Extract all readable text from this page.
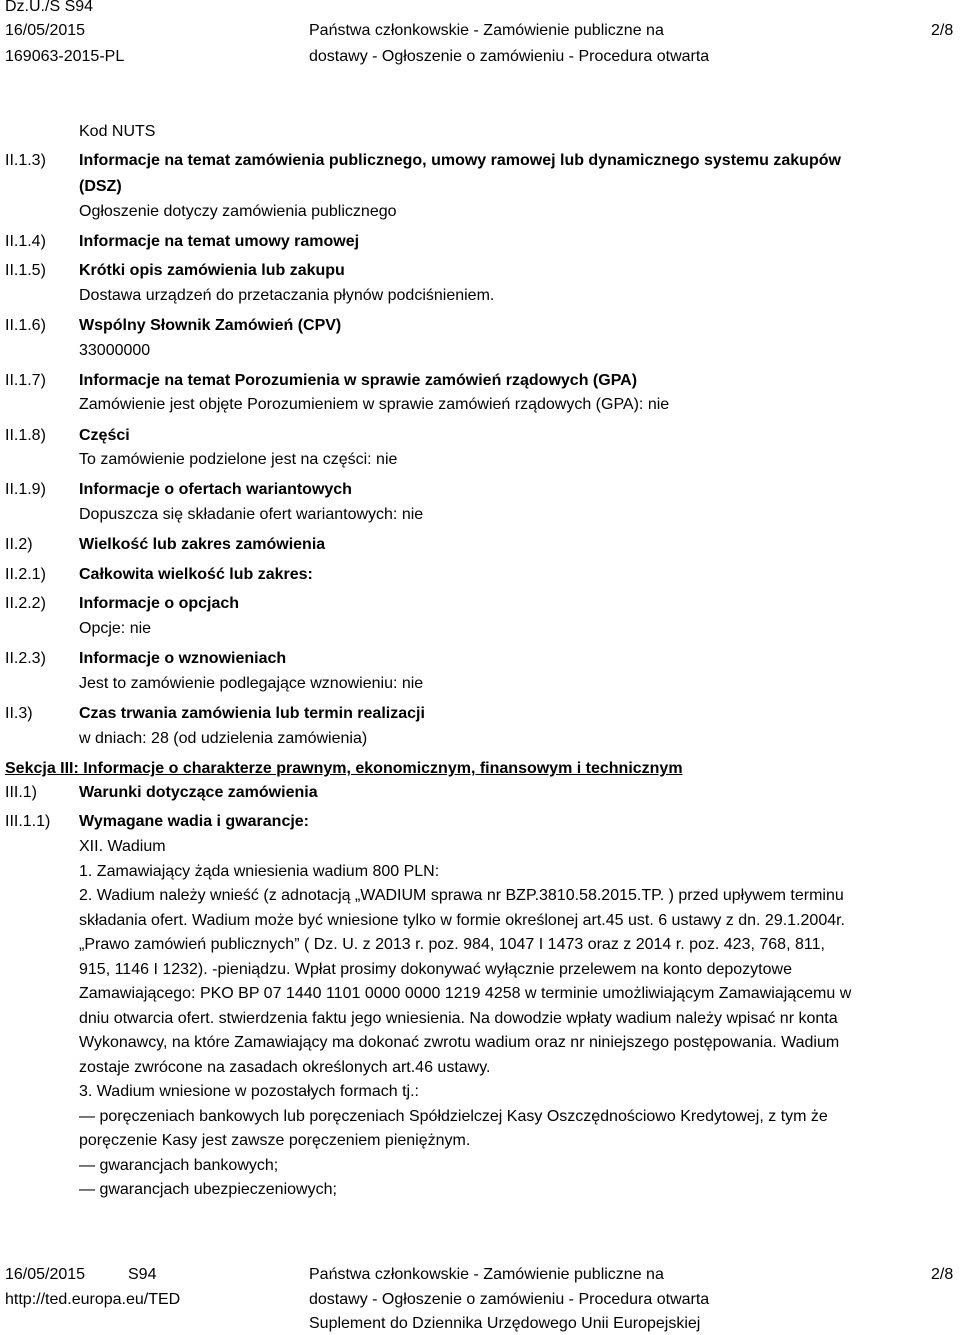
Dz.U./S S94
16/05/2015
169063-2015-PL
Państwa członkowskie - Zamówienie publiczne na
dostawy - Ogłoszenie o zamówieniu - Procedura otwarta
2/8
Kod NUTS
II.1.3) Informacje na temat zamówienia publicznego, umowy ramowej lub dynamicznego systemu zakupów
(DSZ)
Ogłoszenie dotyczy zamówienia publicznego
II.1.4) Informacje na temat umowy ramowej
II.1.5) Krótki opis zamówienia lub zakupu
Dostawa urządzeń do przetaczania płynów podciśnieniem.
II.1.6) Wspólny Słownik Zamówień (CPV)
33000000
II.1.7) Informacje na temat Porozumienia w sprawie zamówień rządowych (GPA)
Zamówienie jest objęte Porozumieniem w sprawie zamówień rządowych (GPA): nie
II.1.8) Części
To zamówienie podzielone jest na części: nie
II.1.9) Informacje o ofertach wariantowych
Dopuszcza się składanie ofert wariantowych: nie
II.2)	Wielkość lub zakres zamówienia
II.2.1) Całkowita wielkość lub zakres:
II.2.2) Informacje o opcjach
Opcje: nie
II.2.3) Informacje o wznowieniach
Jest to zamówienie podlegające wznowieniu: nie
II.3)	Czas trwania zamówienia lub termin realizacji
w dniach: 28 (od udzielenia zamówienia)
Sekcja III: Informacje o charakterze prawnym, ekonomicznym, finansowym i technicznym
III.1)	Warunki dotyczące zamówienia
III.1.1) Wymagane wadia i gwarancje:
XII. Wadium
1. Zamawiający żąda wniesienia wadium 800 PLN:
2. Wadium należy wnieść (z adnotacją „WADIUM sprawa nr BZP.3810.58.2015.TP. ) przed upływem terminu
składania ofert. Wadium może być wniesione tylko w formie określonej art.45 ust. 6 ustawy z dn. 29.1.2004r.
„Prawo zamówień publicznych” ( Dz. U. z 2013 r. poz. 984, 1047 I 1473 oraz z 2014 r. poz. 423, 768, 811,
915, 1146 I 1232). -pieniądzu. Wpłat prosimy dokonywać wyłącznie przelewem na konto depozytowe
Zamawiającego: PKO BP 07 1440 1101 0000 0000 1219 4258 w terminie umożliwiającym Zamawiającemu w
dniu otwarcia ofert. stwierdzenia faktu jego wniesienia. Na dowodzie wpłaty wadium należy wpisać nr konta
Wykonawcy, na które Zamawiający ma dokonać zwrotu wadium oraz nr niniejszego postępowania. Wadium
zostaje zwrócone na zasadach określonych art.46 ustawy.
3. Wadium wniesione w pozostałych formach tj.:
— poręczeniach bankowych lub poręczeniach Spółdzielczej Kasy Oszczędnościowo Kredytowej, z tym że
poręczenie Kasy jest zawsze poręczeniem pieniężnym.
— gwarancjach bankowych;
— gwarancjach ubezpieczeniowych;
16/05/2015	S94
http://ted.europa.eu/TED
Państwa członkowskie - Zamówienie publiczne na
dostawy - Ogłoszenie o zamówieniu - Procedura otwarta
Suplement do Dziennika Urzędowego Unii Europejskiej
2/8
